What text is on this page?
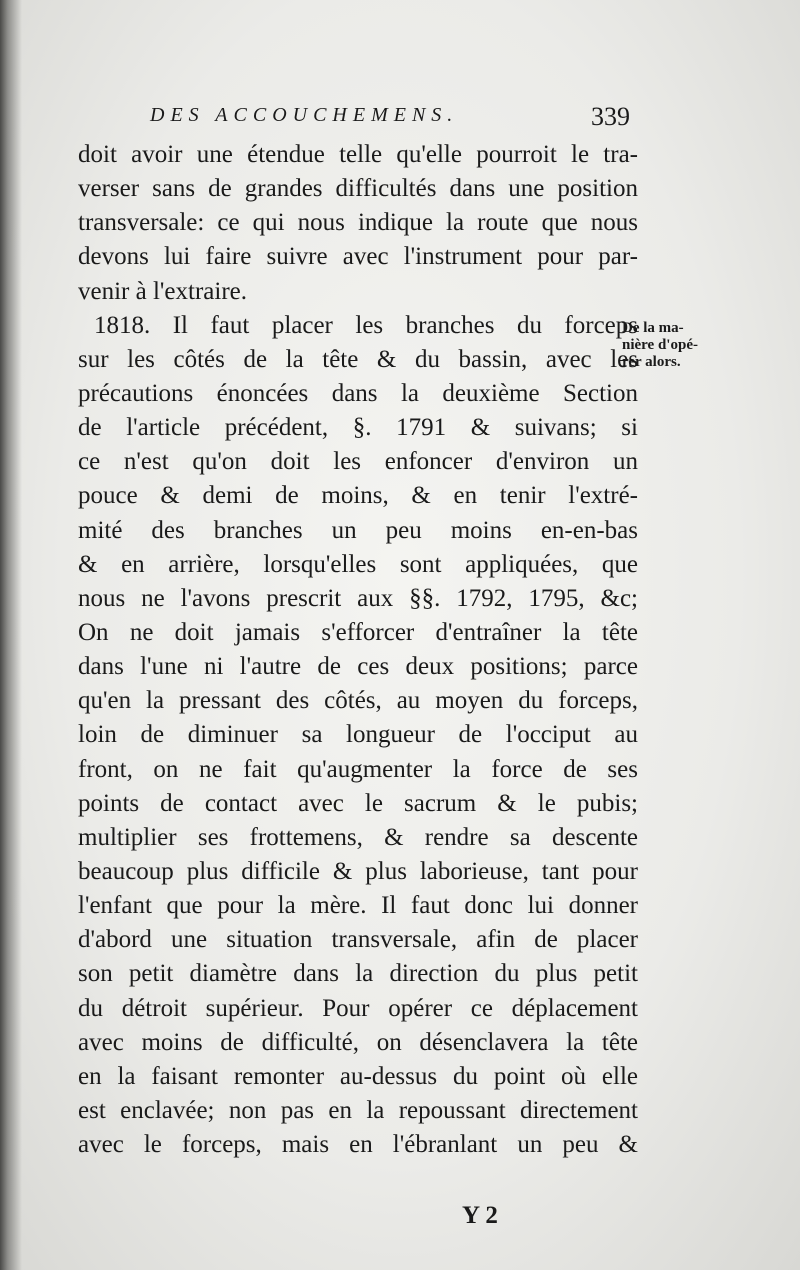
DES ACCOUCHEMENS.	339
doit avoir une étendue telle qu'elle pourroit le tra-
verser sans de grandes difficultés dans une position
transversale: ce qui nous indique la route que nous
devons lui faire suivre avec l'instrument pour par-
venir à l'extraire.
1818. Il faut placer les branches du forceps
sur les côtés de la tête & du bassin, avec les
précautions énoncées dans la deuxième Section
de l'article précédent, §. 1791 & suivans; si
ce n'est qu'on doit les enfoncer d'environ un
pouce & demi de moins, & en tenir l'extré-
mité des branches un peu moins en-en-bas
& en arrière, lorsqu'elles sont appliquées, que
nous ne l'avons prescrit aux §§. 1792, 1795, &c;
On ne doit jamais s'efforcer d'entraîner la tête
dans l'une ni l'autre de ces deux positions; parce
qu'en la pressant des côtés, au moyen du forceps,
loin de diminuer sa longueur de l'occiput au
front, on ne fait qu'augmenter la force de ses
points de contact avec le sacrum & le pubis;
multiplier ses frottemens, & rendre sa descente
beaucoup plus difficile & plus laborieuse, tant pour
l'enfant que pour la mère. Il faut donc lui donner
d'abord une situation transversale, afin de placer
son petit diamètre dans la direction du plus petit
du détroit supérieur. Pour opérer ce déplacement
avec moins de difficulté, on désenclavera la tête
en la faisant remonter au-dessus du point où elle
est enclavée; non pas en la repoussant directement
avec le forceps, mais en l'ébranlant un peu &
De la ma-
nière d'opé-
rer alors.
Y 2
